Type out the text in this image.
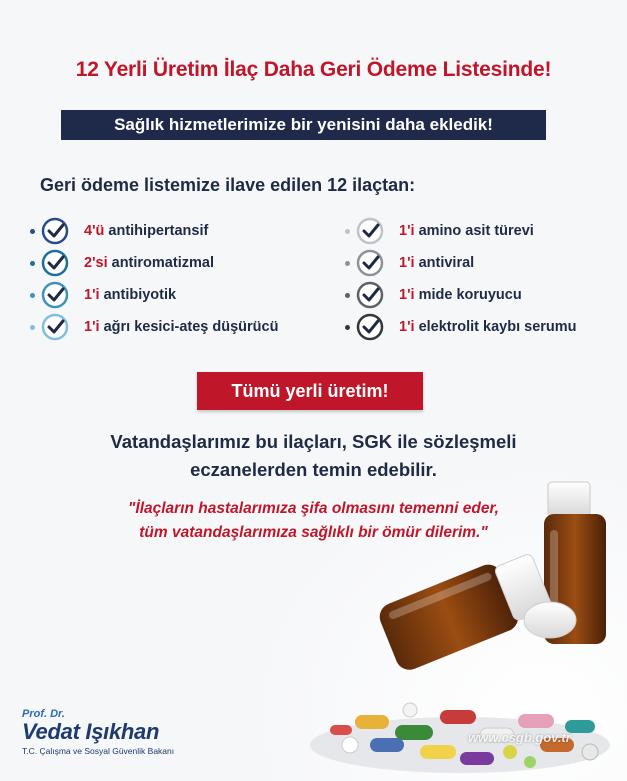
12 Yerli Üretim İlaç Daha Geri Ödeme Listesinde!
Sağlık hizmetlerimize bir yenisini daha ekledik!
Geri ödeme listemize ilave edilen 12 ilaçtan:
4'ü antihipertansif
2'si antiromatizmal
1'i antibiyotik
1'i ağrı kesici-ateş düşürücü
1'i amino asit türevi
1'i antiviral
1'i mide koruyucu
1'i elektrolit kaybı serumu
Tümü yerli üretim!
Vatandaşlarımız bu ilaçları, SGK ile sözleşmeli
eczanelerden temin edebilir.
"İlaçların hastalarımıza şifa olmasını temenni eder,
tüm vatandaşlarımıza sağlıklı bir ömür dilerim."
www.csgb.gov.tr
Prof. Dr.
Vedat Işıkhan
T.C. Çalışma ve Sosyal Güvenlik Bakanı
